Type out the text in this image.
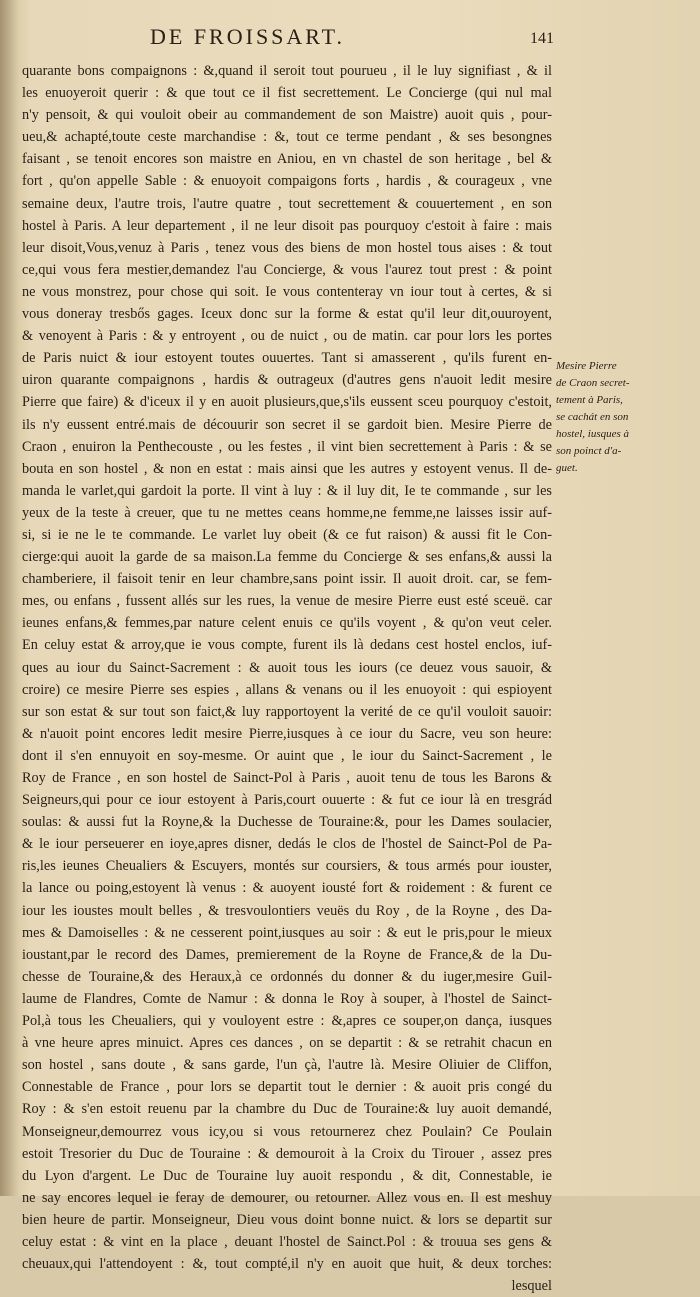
DE FROISSART.	141
quarante bons compaignons : &,quand il seroit tout pourueu , il le luy signifiast , & il
les enuoyeroit querir : & que tout ce il fist secrettement. Le Concierge (qui nul mal
n'y pensoit, & qui vouloit obeir au commandement de son Maistre) auoit quis , pour-
ueu,& achapté,toute ceste marchandise : &, tout ce terme pendant , & ses besongnes
faisant , se tenoit encores son maistre en Aniou, en vn chastel de son heritage , bel &
fort , qu'on appelle Sable : & enuoyoit compaigons forts , hardis , & courageux , vne
semaine deux, l'autre trois, l'autre quatre , tout secrettement & couuertement , en son
hostel à Paris. A leur departement , il ne leur disoit pas pourquoy c'estoit à faire : mais
leur disoit,Vous,venuz à Paris , tenez vous des biens de mon hostel tous aises : & tout
ce,qui vous fera mestier,demandez l'au Concierge, & vous l'aurez tout prest : & point
ne vous monstrez, pour chose qui soit. Ie vous contenteray vn iour tout à certes, & si
vous doneray tresbős gages. Iceux donc sur la forme & estat qu'il leur dit,ouuroyent,
& venoyent à Paris : & y entroyent , ou de nuict , ou de matin. car pour lors les portes
de Paris nuict & iour estoyent toutes ouuertes. Tant si amasserent , qu'ils furent en-
uiron quarante compaignons , hardis & outrageux (d'autres gens n'auoit ledit mesire
Pierre que faire) & d'iceux il y en auoit plusieurs,que,s'ils eussent sceu pourquoy c'estoit,
ils n'y eussent entré.mais de découurir son secret il se gardoit bien. Mesire Pierre de
Craon , enuiron la Penthecouste , ou les festes , il vint bien secrettement à Paris : & se
bouta en son hostel , & non en estat : mais ainsi que les autres y estoyent venus. Il de-
manda le varlet,qui gardoit la porte. Il vint à luy : & il luy dit, Ie te commande , sur les
yeux de la teste à creuer, que tu ne mettes ceans homme,ne femme,ne laisses issir auf-
si, si ie ne le te commande. Le varlet luy obeit (& ce fut raison) & aussi fit le Con-
cierge:qui auoit la garde de sa maison.La femme du Concierge & ses enfans,& aussi la
chamberiere, il faisoit tenir en leur chambre,sans point issir. Il auoit droit. car, se fem-
mes, ou enfans , fussent allés sur les rues, la venue de mesire Pierre eust esté sceuë. car
ieunes enfans,& femmes,par nature celent enuis ce qu'ils voyent , & qu'on veut celer.
En celuy estat & arroy,que ie vous compte, furent ils là dedans cest hostel enclos, iuf-
ques au iour du Sainct-Sacrement : & auoit tous les iours (ce deuez vous sauoir, &
croire) ce mesire Pierre ses espies , allans & venans ou il les enuoyoit : qui espioyent
sur son estat & sur tout son faict,& luy rapportoyent la verité de ce qu'il vouloit sauoir:
& n'auoit point encores ledit mesire Pierre,iusques à ce iour du Sacre, veu son heure:
dont il s'en ennuyoit en soy-mesme. Or auint que , le iour du Sainct-Sacrement , le
Roy de France , en son hostel de Sainct-Pol à Paris , auoit tenu de tous les Barons &
Seigneurs,qui pour ce iour estoyent à Paris,court ouuerte : & fut ce iour là en tresgrád
soulas: & aussi fut la Royne,& la Duchesse de Touraine:&, pour les Dames soulacier,
& le iour perseuerer en ioye,apres disner, dedás le clos de l'hostel de Sainct-Pol de Pa-
ris,les ieunes Cheualiers & Escuyers, montés sur coursiers, & tous armés pour iouster,
la lance ou poing,estoyent là venus : & auoyent iousté fort & roidement : & furent ce
iour les ioustes moult belles , & tresvoulontiers veuës du Roy , de la Royne , des Da-
mes & Damoiselles : & ne cesserent point,iusques au soir : & eut le pris,pour le mieux
ioustant,par le record des Dames, premierement de la Royne de France,& de la Du-
chesse de Touraine,& des Heraux,à ce ordonnés du donner & du iuger,mesire Guil-
laume de Flandres, Comte de Namur : & donna le Roy à souper, à l'hostel de Sainct-
Pol,à tous les Cheualiers, qui y vouloyent estre : &,apres ce souper,on dança, iusques
à vne heure apres minuict. Apres ces dances , on se departit : & se retrahit chacun en
son hostel , sans doute , & sans garde, l'un çà, l'autre là. Mesire Oliuier de Cliffon,
Connestable de France , pour lors se departit tout le dernier : & auoit pris congé du
Roy : & s'en estoit reuenu par la chambre du Duc de Touraine:& luy auoit demandé,
Monseigneur,demourrez vous icy,ou si vous retournerez chez Poulain? Ce Poulain
estoit Tresorier du Duc de Touraine : & demouroit à la Croix du Tirouer , assez pres
du Lyon d'argent. Le Duc de Touraine luy auoit respondu , & dit, Connestable, ie
ne say encores lequel ie feray de demourer, ou retourner. Allez vous en. Il est meshuy
bien heure de partir. Monseigneur, Dieu vous doint bonne nuict. & lors se departit sur
celuy estat : & vint en la place , deuant l'hostel de Sainct.Pol : & trouua ses gens &
cheuaux,qui l'attendoyent : &, tout compté,il n'y en auoit que huit, & deux torches:
lesquel
Mesire Pierre
de Craon secret-
tement à Paris,
se cachát en son
hostel, iusques à
son poinct d'a-
guet.
